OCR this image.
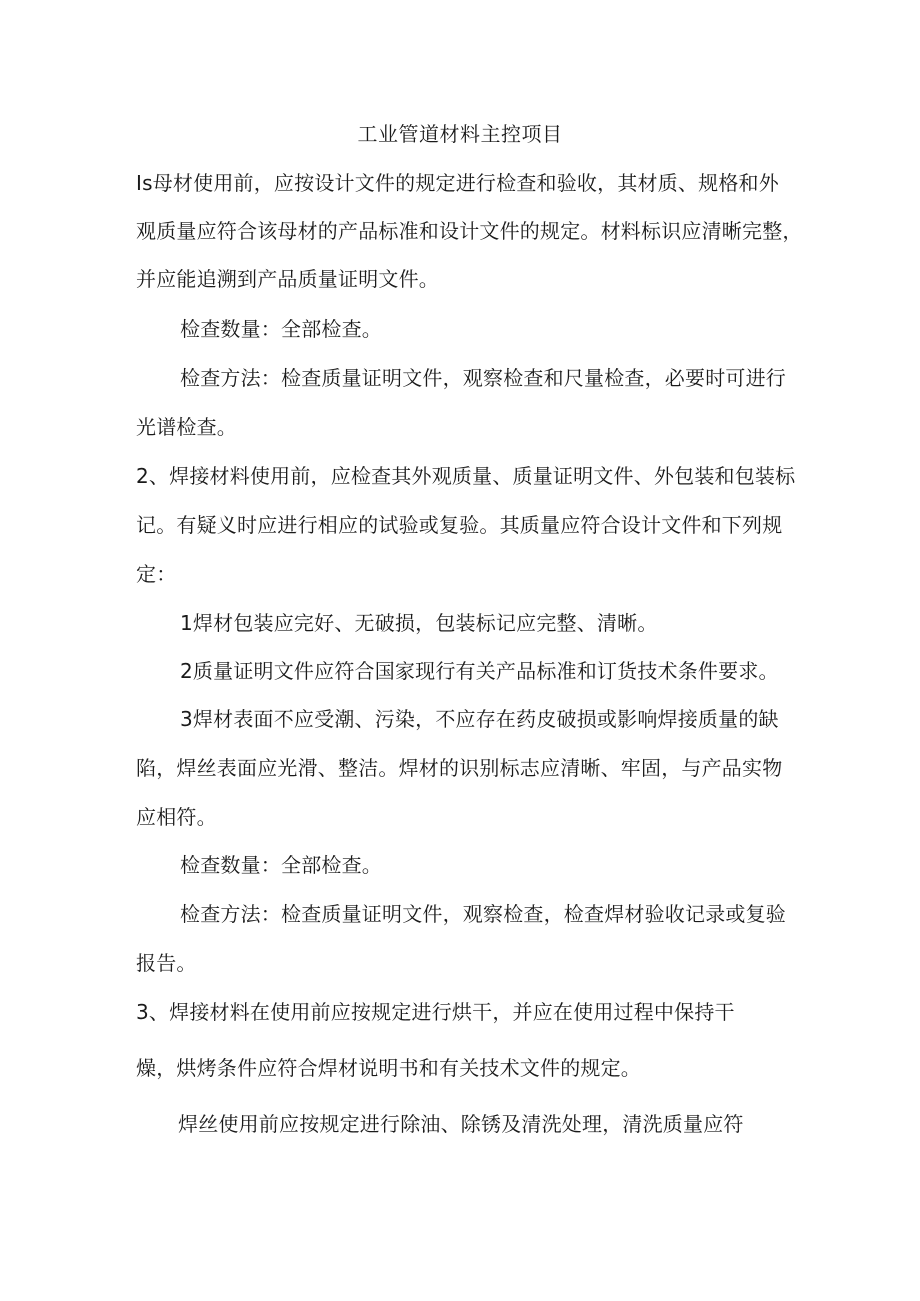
工业管道材料主控项目
Is母材使用前，应按设计文件的规定进行检查和验收，其材质、规格和外
观质量应符合该母材的产品标准和设计文件的规定。材料标识应清晰完整，
并应能追溯到产品质量证明文件。
检查数量：全部检查。
检查方法：检查质量证明文件，观察检查和尺量检查，必要时可进行
光谱检查。
2、焊接材料使用前，应检查其外观质量、质量证明文件、外包装和包装标
记。有疑义时应进行相应的试验或复验。其质量应符合设计文件和下列规
定：
1焊材包装应完好、无破损，包装标记应完整、清晰。
2质量证明文件应符合国家现行有关产品标准和订货技术条件要求。
3焊材表面不应受潮、污染，不应存在药皮破损或影响焊接质量的缺
陷，焊丝表面应光滑、整洁。焊材的识别标志应清晰、牢固，与产品实物
应相符。
检查数量：全部检查。
检查方法：检查质量证明文件，观察检查，检查焊材验收记录或复验
报告。
3、焊接材料在使用前应按规定进行烘干，并应在使用过程中保持干
燥，烘烤条件应符合焊材说明书和有关技术文件的规定。
焊丝使用前应按规定进行除油、除锈及清洗处理，清洗质量应符
